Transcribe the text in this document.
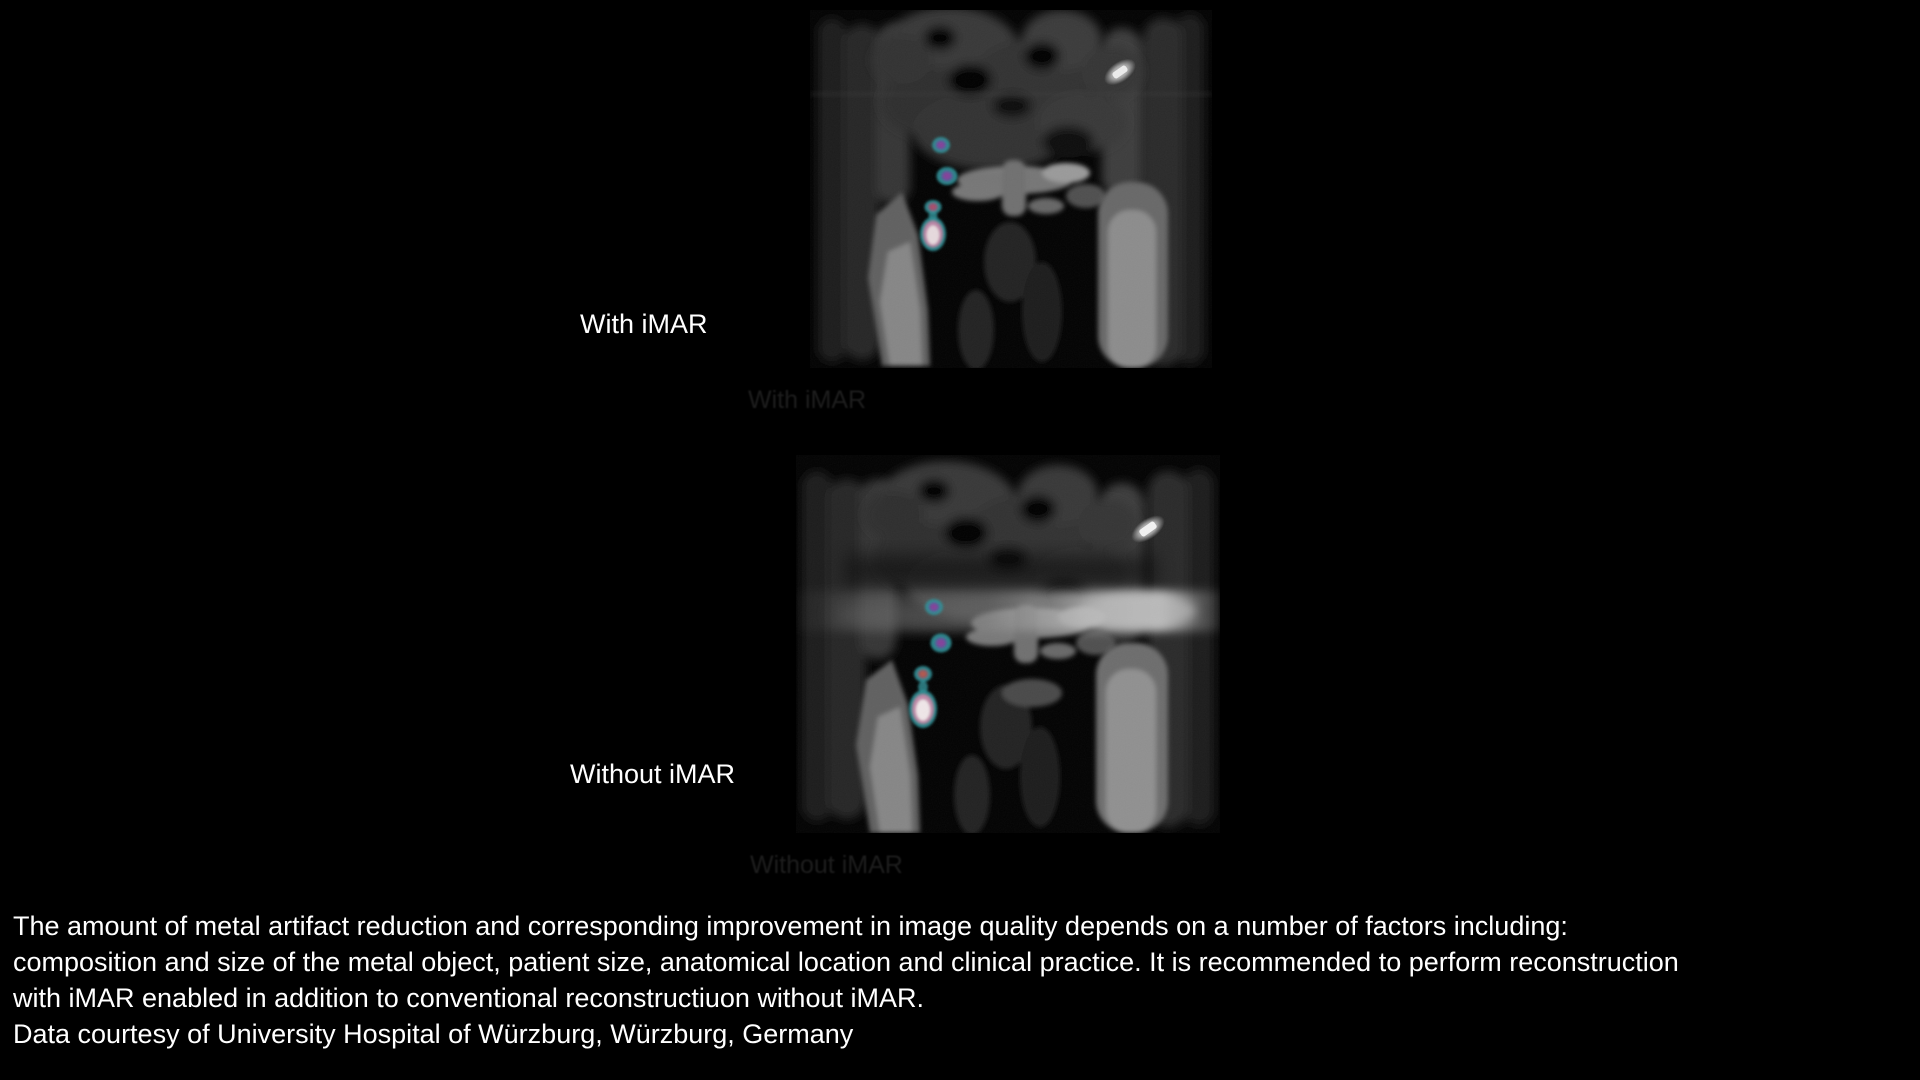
With iMAR
With iMAR
Without iMAR
Without iMAR
The amount of metal artifact reduction and corresponding improvement in image quality depends on a number of factors including:
composition and size of the metal object, patient size, anatomical location and clinical practice. It is recommended to perform reconstruction
with iMAR enabled in addition to conventional reconstructiuon without iMAR.
Data courtesy of University Hospital of Würzburg, Würzburg, Germany
